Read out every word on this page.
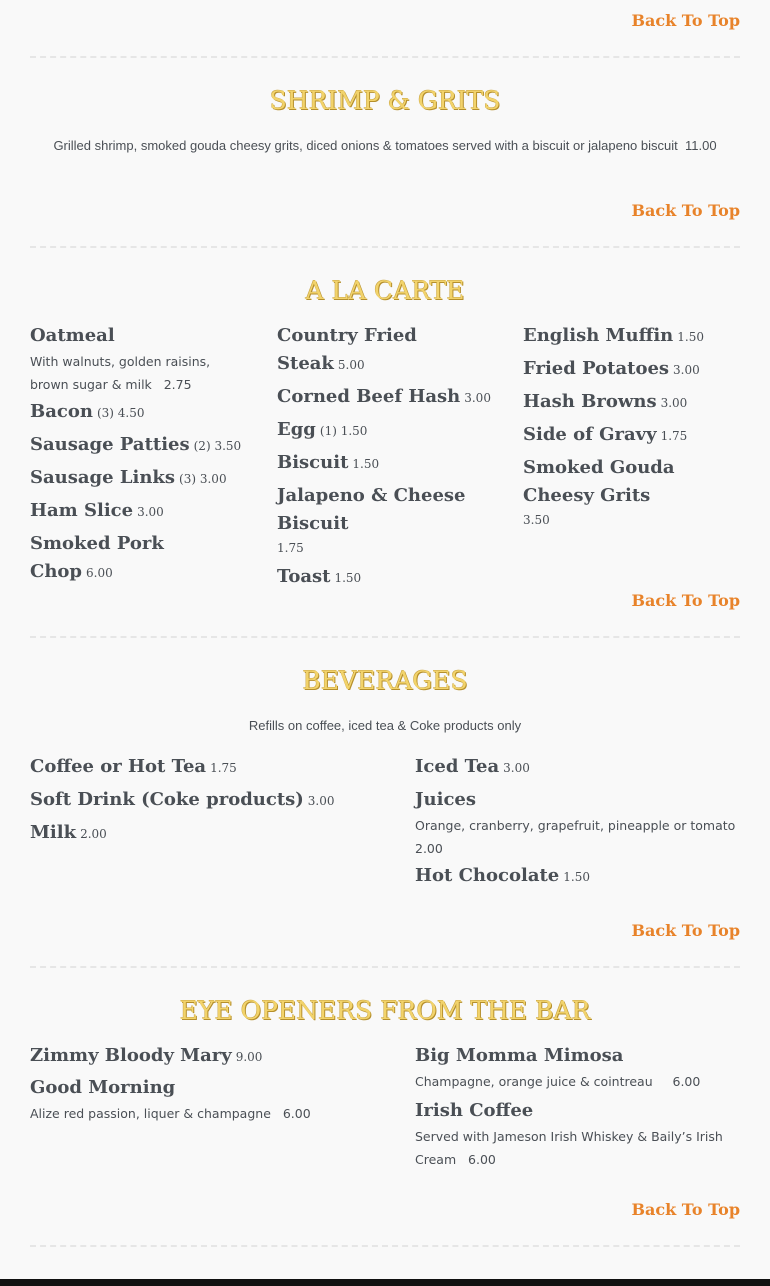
Back To Top
SHRIMP & GRITS
Grilled shrimp, smoked gouda cheesy grits, diced onions & tomatoes served with a biscuit or jalapeno biscuit 11.00
Back To Top
A LA CARTE
Oatmeal
With walnuts, golden raisins, brown sugar & milk 2.75
Bacon (3) 4.50
Sausage Patties (2) 3.50
Sausage Links (3) 3.00
Ham Slice 3.00
Smoked Pork Chop 6.00
Country Fried Steak 5.00
Corned Beef Hash 3.00
Egg (1) 1.50
Biscuit 1.50
Jalapeno & Cheese Biscuit
1.75
Toast 1.50
English Muffin 1.50
Fried Potatoes 3.00
Hash Browns 3.00
Side of Gravy 1.75
Smoked Gouda Cheesy Grits
3.50
Back To Top
BEVERAGES
Refills on coffee, iced tea & Coke products only
Coffee or Hot Tea 1.75
Soft Drink (Coke products) 3.00
Milk 2.00
Iced Tea 3.00
Juices
Orange, cranberry, grapefruit, pineapple or tomato
2.00
Hot Chocolate 1.50
Back To Top
EYE OPENERS FROM THE BAR
Zimmy Bloody Mary 9.00
Good Morning
Alize red passion, liquer & champagne 6.00
Big Momma Mimosa
Champagne, orange juice & cointreau 6.00
Irish Coffee
Served with Jameson Irish Whiskey & Baily’s Irish Cream 6.00
Back To Top
